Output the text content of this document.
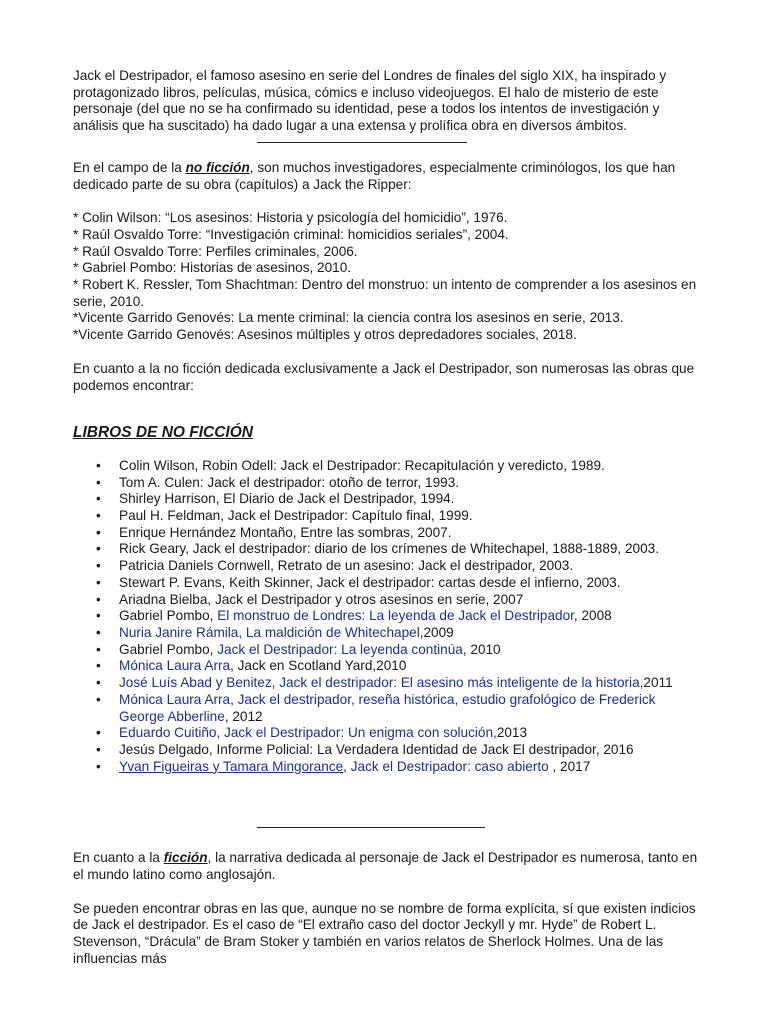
Jack el Destripador, el famoso asesino en serie del Londres de finales del siglo XIX, ha inspirado y protagonizado libros, películas, música, cómics e incluso videojuegos. El halo de misterio de este personaje (del que no se ha confirmado su identidad, pese a todos los intentos de investigación y análisis que ha suscitado) ha dado lugar a una extensa y prolífica obra en diversos ámbitos.

En el campo de la no ficción, son muchos investigadores, especialmente criminólogos, los que han dedicado parte de su obra (capítulos) a Jack the Ripper:

* Colin Wilson: “Los asesinos: Historia y psicología del homicidio”, 1976.

* Raúl Osvaldo Torre: “Investigación criminal: homicidios seriales”, 2004.

* Raúl Osvaldo Torre: Perfiles criminales, 2006.

* Gabriel Pombo: Historias de asesinos, 2010.

* Robert K. Ressler, Tom Shachtman: Dentro del monstruo: un intento de comprender a los asesinos en serie, 2010.

*Vicente Garrido Genovés: La mente criminal: la ciencia contra los asesinos en serie, 2013.

*Vicente Garrido Genovés: Asesinos múltiples y otros depredadores sociales, 2018.

En cuanto a la no ficción dedicada exclusivamente a Jack el Destripador, son numerosas las obras que podemos encontrar:

LIBROS DE NO FICCIÓN

• Colin Wilson, Robin Odell: Jack el Destripador: Recapitulación y veredicto, 1989.
• Tom A. Culen: Jack el destripador: otoño de terror, 1993.
• Shirley Harrison, El Diario de Jack el Destripador, 1994.
• Paul H. Feldman, Jack el Destripador: Capítulo final, 1999.
• Enrique Hernández Montaño, Entre las sombras, 2007.
• Rick Geary, Jack el destripador: diario de los crímenes de Whitechapel, 1888-1889, 2003.
• Patricia Daniels Cornwell, Retrato de un asesino: Jack el destripador, 2003.
• Stewart P. Evans, Keith Skinner, Jack el destripador: cartas desde el infierno, 2003.
• Ariadna Bielba, Jack el Destripador y otros asesinos en serie, 2007
• Gabriel Pombo, El monstruo de Londres: La leyenda de Jack el Destripador, 2008
• Nuria Janire Rámila, La maldición de Whitechapel,2009
• Gabriel Pombo, Jack el Destripador: La leyenda continúa, 2010
• Mónica Laura Arra, Jack en Scotland Yard,2010
• José Luís Abad y Benitez, Jack el destripador: El asesino más inteligente de la historia,2011
• Mónica Laura Arra, Jack el destripador, reseña histórica, estudio grafológico de Frederick George Abberline, 2012
• Eduardo Cuitiño, Jack el Destripador: Un enigma con solución,2013
• Jesús Delgado, Informe Policial: La Verdadera Identidad de Jack El destripador, 2016
• Yvan Figueiras y Tamara Mingorance, Jack el Destripador: caso abierto , 2017

En cuanto a la ficción, la narrativa dedicada al personaje de Jack el Destripador es numerosa, tanto en el mundo latino como anglosajón.

Se pueden encontrar obras en las que, aunque no se nombre de forma explícita, sí que existen indicios de Jack el destripador. Es el caso de “El extraño caso del doctor Jeckyll y mr. Hyde” de Robert L. Stevenson, “Drácula” de Bram Stoker y también en varios relatos de Sherlock Holmes. Una de las influencias más
